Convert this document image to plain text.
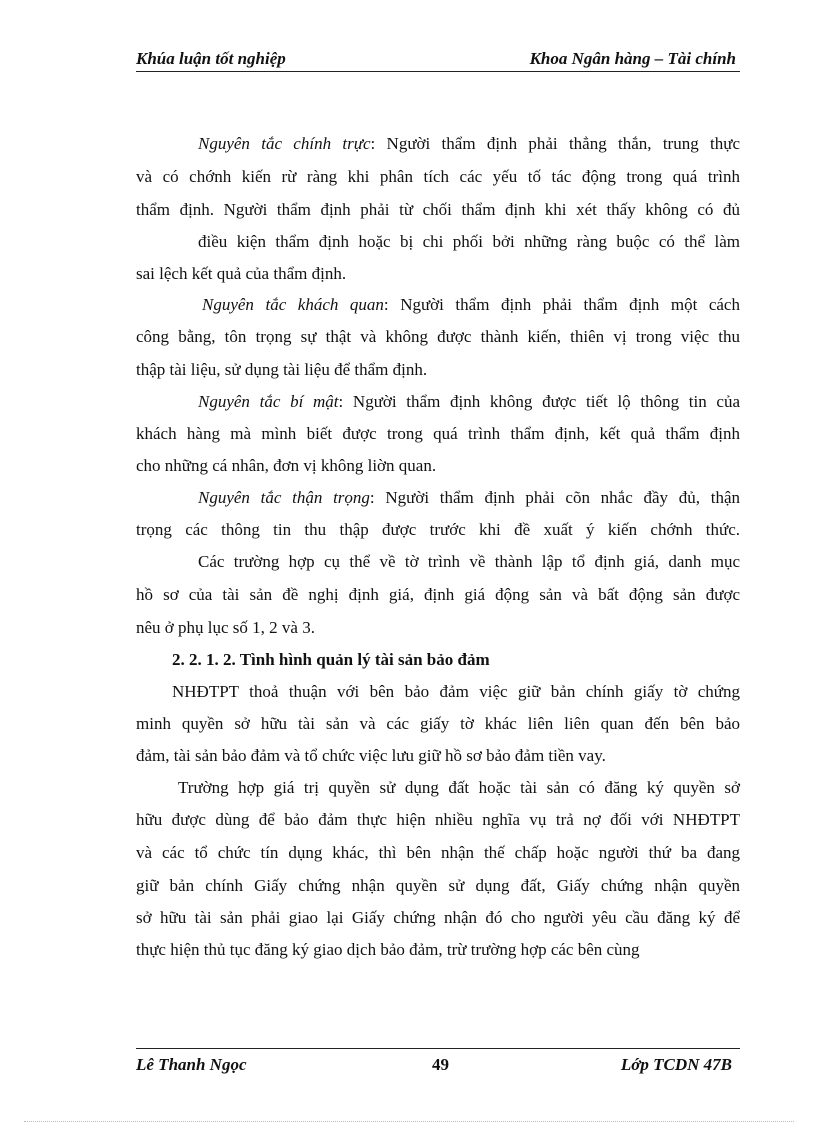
Khúa luận tốt nghiệp	Khoa Ngân hàng – Tài chính
Nguyên tắc chính trực: Người thẩm định phải thẳng thắn, trung thực
và có chớnh kiến rừ ràng khi phân tích các yếu tố tác động trong quá trình
thẩm định. Người thẩm định phải từ chối thẩm định khi xét thấy không có đủ
điều kiện thẩm định hoặc bị chi phối bởi những ràng buộc có thể làm
sai lệch kết quả của thẩm định.
Nguyên tắc khách quan: Người thẩm định phải thẩm định một cách
công bằng, tôn trọng sự thật và không được thành kiến, thiên vị trong việc thu
thập tài liệu, sử dụng tài liệu để thẩm định.
Nguyên tắc bí mật: Người thẩm định không được tiết lộ thông tin của
khách hàng mà mình biết được trong quá trình thẩm định, kết quả thẩm định
cho những cá nhân, đơn vị không liờn quan.
Nguyên tắc thận trọng: Người thẩm định phải cõn nhắc đầy đủ, thận
trọng các thông tin thu thập được trước khi đề xuất ý kiến chớnh thức.
Các trường hợp cụ thể về tờ trình về thành lập tổ định giá, danh mục
hồ sơ của tài sản đề nghị định giá, định giá động sản và bất động sản được
nêu ở phụ lục số 1, 2 và 3.
2. 2. 1. 2. Tình hình quản lý tài sản bảo đảm
NHĐTPT thoả thuận với bên bảo đảm việc giữ bản chính giấy tờ chứng
minh quyền sở hữu tài sản và các giấy tờ khác liên liên quan đến bên bảo
đảm, tài sản bảo đảm và tổ chức việc lưu giữ hồ sơ bảo đảm tiền vay.
Trường hợp giá trị quyền sử dụng đất hoặc tài sản có đăng ký quyền sở
hữu được dùng để bảo đảm thực hiện nhiều nghĩa vụ trả nợ đối với NHĐTPT
và các tổ chức tín dụng khác, thì bên nhận thế chấp hoặc người thứ ba đang
giữ bản chính Giấy chứng nhận quyền sử dụng đất, Giấy chứng nhận quyền
sở hữu tài sản phải giao lại Giấy chứng nhận đó cho người yêu cầu đăng ký để
thực hiện thủ tục đăng ký giao dịch bảo đảm, trừ trường hợp các bên cùng
Lê Thanh Ngọc	49	Lớp TCDN 47B
